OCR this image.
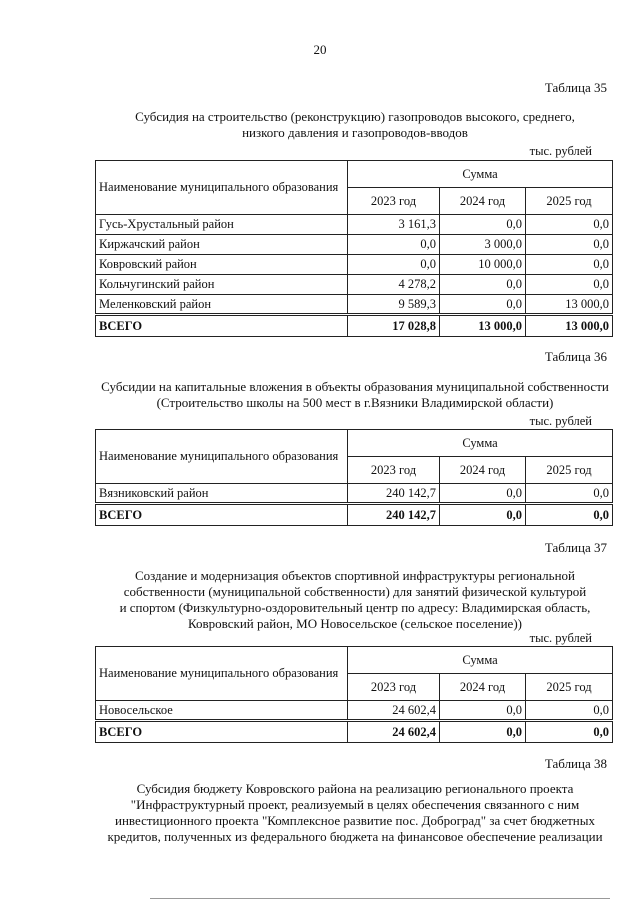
20
Таблица 35
Субсидия на строительство (реконструкцию) газопроводов высокого, среднего,
низкого давления и газопроводов-вводов
тыс. рублей
Наименование муниципального образования	Сумма		
	2023 год	2024 год	2025 год
Гусь-Хрустальный район	3 161,3	0,0	0,0
Киржачский район	0,0	3 000,0	0,0
Ковровский район	0,0	10 000,0	0,0
Кольчугинский район	4 278,2	0,0	0,0
Меленковский район	9 589,3	0,0	13 000,0
ВСЕГО	17 028,8	13 000,0	13 000,0
Таблица 36
Субсидии на капитальные вложения в объекты образования муниципальной собственности
(Строительство школы на 500 мест в г.Вязники Владимирской области)
тыс. рублей
Наименование муниципального образования	Сумма		
	2023 год	2024 год	2025 год
Вязниковский район	240 142,7	0,0	0,0
ВСЕГО	240 142,7	0,0	0,0
Таблица 37
Создание и модернизация объектов спортивной инфраструктуры региональной
собственности (муниципальной собственности) для занятий физической культурой
и спортом (Физкультурно-оздоровительный центр по адресу: Владимирская область,
Ковровский район, МО Новосельское (сельское поселение))
тыс. рублей
Наименование муниципального образования	Сумма		
	2023 год	2024 год	2025 год
Новосельское	24 602,4	0,0	0,0
ВСЕГО	24 602,4	0,0	0,0
Таблица 38
Субсидия бюджету Ковровского района на реализацию регионального проекта
"Инфраструктурный проект, реализуемый в целях обеспечения связанного с ним
инвестиционного проекта "Комплексное развитие пос. Доброград" за счет бюджетных
кредитов, полученных из федерального бюджета на финансовое обеспечение реализации
